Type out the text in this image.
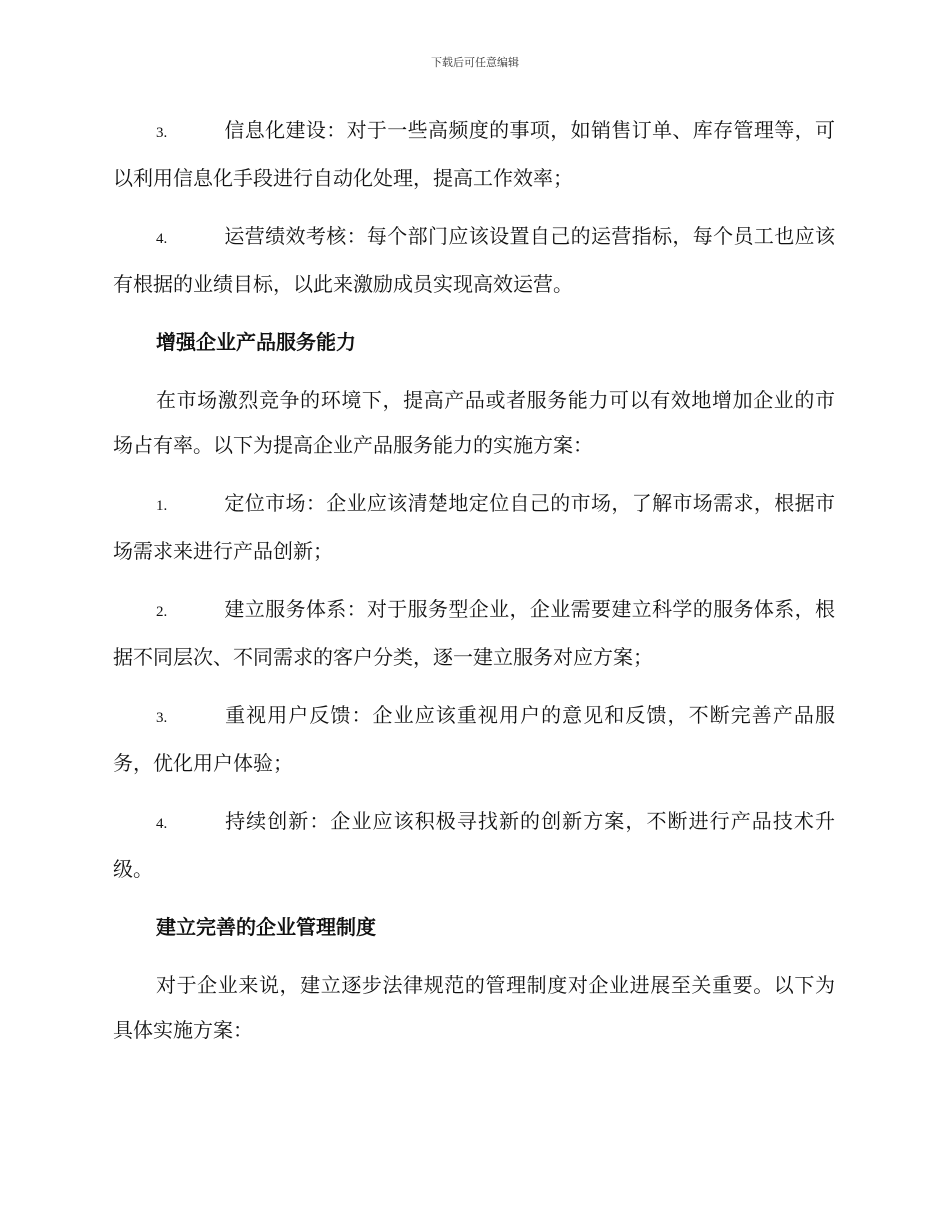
下载后可任意编辑

3.	信息化建设：对于一些高频度的事项，如销售订单、库存管理等，可以利用信息化手段进行自动化处理，提高工作效率；

4.	运营绩效考核：每个部门应该设置自己的运营指标，每个员工也应该有根据的业绩目标，以此来激励成员实现高效运营。

增强企业产品服务能力

在市场激烈竞争的环境下，提高产品或者服务能力可以有效地增加企业的市场占有率。以下为提高企业产品服务能力的实施方案：

1.	定位市场：企业应该清楚地定位自己的市场，了解市场需求，根据市场需求来进行产品创新；

2.	建立服务体系：对于服务型企业，企业需要建立科学的服务体系，根据不同层次、不同需求的客户分类，逐一建立服务对应方案；

3.	重视用户反馈：企业应该重视用户的意见和反馈，不断完善产品服务，优化用户体验；

4.	持续创新：企业应该积极寻找新的创新方案，不断进行产品技术升级。

建立完善的企业管理制度

对于企业来说，建立逐步法律规范的管理制度对企业进展至关重要。以下为具体实施方案：
